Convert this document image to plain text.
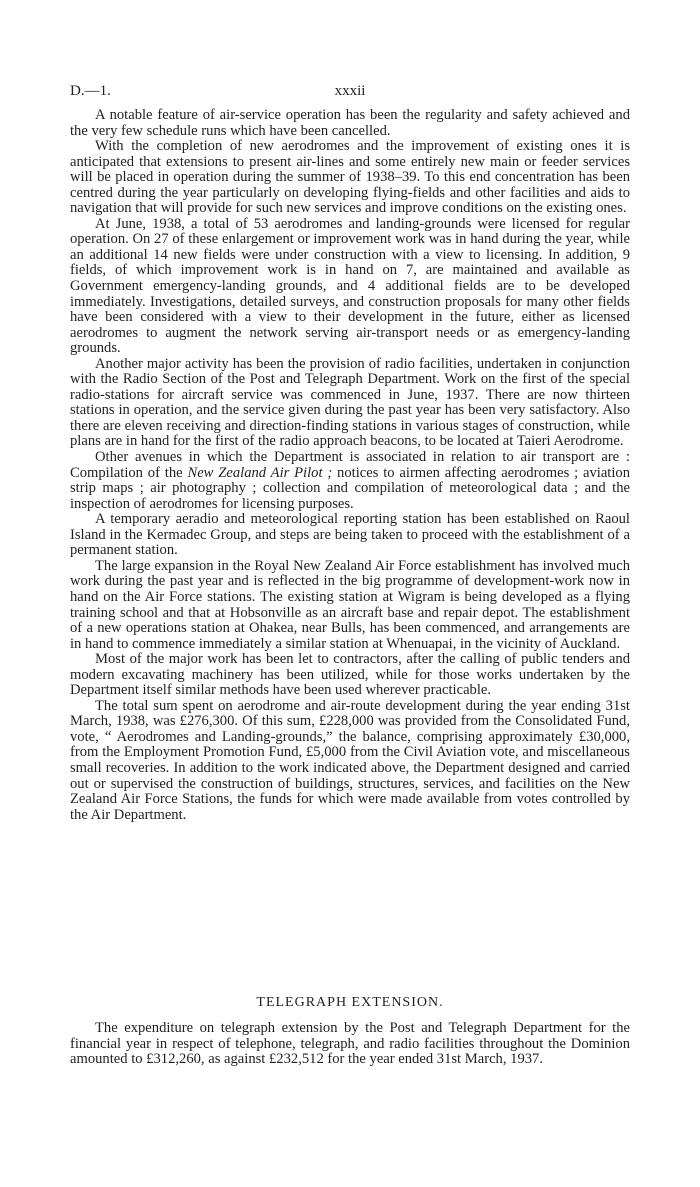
D.—1.	xxxii

A notable feature of air-service operation has been the regularity and safety achieved and the very few schedule runs which have been cancelled.

With the completion of new aerodromes and the improvement of existing ones it is anticipated that extensions to present air-lines and some entirely new main or feeder services will be placed in operation during the summer of 1938–39. To this end concentration has been centred during the year particularly on developing flying-fields and other facilities and aids to navigation that will provide for such new services and improve conditions on the existing ones.

At June, 1938, a total of 53 aerodromes and landing-grounds were licensed for regular operation. On 27 of these enlargement or improvement work was in hand during the year, while an additional 14 new fields were under construction with a view to licensing. In addition, 9 fields, of which improvement work is in hand on 7, are maintained and available as Government emergency-landing grounds, and 4 additional fields are to be developed immediately. Investigations, detailed surveys, and construction proposals for many other fields have been considered with a view to their development in the future, either as licensed aerodromes to augment the network serving air-transport needs or as emergency-landing grounds.

Another major activity has been the provision of radio facilities, undertaken in conjunction with the Radio Section of the Post and Telegraph Department. Work on the first of the special radio-stations for aircraft service was commenced in June, 1937. There are now thirteen stations in operation, and the service given during the past year has been very satisfactory. Also there are eleven receiving and direction-finding stations in various stages of construction, while plans are in hand for the first of the radio approach beacons, to be located at Taieri Aerodrome.

Other avenues in which the Department is associated in relation to air transport are : Compilation of the New Zealand Air Pilot ; notices to airmen affecting aerodromes ; aviation strip maps ; air photography ; collection and compilation of meteorological data ; and the inspection of aerodromes for licensing purposes.

A temporary aeradio and meteorological reporting station has been established on Raoul Island in the Kermadec Group, and steps are being taken to proceed with the establishment of a permanent station.

The large expansion in the Royal New Zealand Air Force establishment has involved much work during the past year and is reflected in the big programme of development-work now in hand on the Air Force stations. The existing station at Wigram is being developed as a flying training school and that at Hobsonville as an aircraft base and repair depot. The establishment of a new operations station at Ohakea, near Bulls, has been commenced, and arrangements are in hand to commence immediately a similar station at Whenuapai, in the vicinity of Auckland.

Most of the major work has been let to contractors, after the calling of public tenders and modern excavating machinery has been utilized, while for those works undertaken by the Department itself similar methods have been used wherever practicable.

The total sum spent on aerodrome and air-route development during the year ending 31st March, 1938, was £276,300. Of this sum, £228,000 was provided from the Consolidated Fund, vote, “ Aerodromes and Landing-grounds,” the balance, comprising approximately £30,000, from the Employment Promotion Fund, £5,000 from the Civil Aviation vote, and miscellaneous small recoveries. In addition to the work indicated above, the Department designed and carried out or supervised the construction of buildings, structures, services, and facilities on the New Zealand Air Force Stations, the funds for which were made available from votes controlled by the Air Department.

TELEGRAPH EXTENSION.

The expenditure on telegraph extension by the Post and Telegraph Department for the financial year in respect of telephone, telegraph, and radio facilities throughout the Dominion amounted to £312,260, as against £232,512 for the year ended 31st March, 1937.
